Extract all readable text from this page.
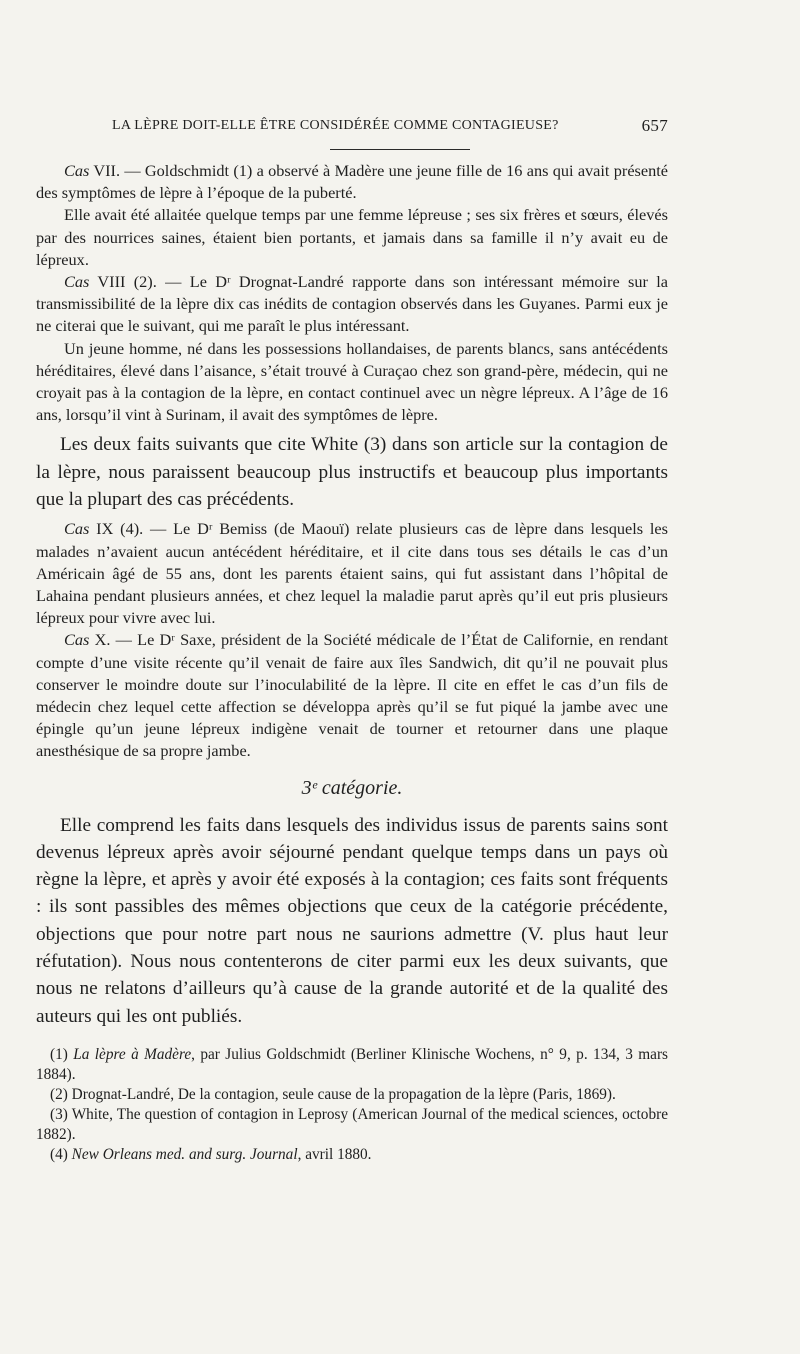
LA LÈPRE DOIT-ELLE ÊTRE CONSIDÉRÉE COMME CONTAGIEUSE?	657

Cas VII. — Goldschmidt (1) a observé à Madère une jeune fille de 16 ans qui avait présenté des symptômes de lèpre à l’époque de la puberté.

Elle avait été allaitée quelque temps par une femme lépreuse ; ses six frères et sœurs, élevés par des nourrices saines, étaient bien portants, et jamais dans sa famille il n’y avait eu de lépreux.

Cas VIII (2). — Le Dʳ Drognat-Landré rapporte dans son intéressant mémoire sur la transmissibilité de la lèpre dix cas inédits de contagion observés dans les Guyanes. Parmi eux je ne citerai que le suivant, qui me paraît le plus intéressant.

Un jeune homme, né dans les possessions hollandaises, de parents blancs, sans antécédents héréditaires, élevé dans l’aisance, s’était trouvé à Curaçao chez son grand-père, médecin, qui ne croyait pas à la contagion de la lèpre, en contact continuel avec un nègre lépreux. A l’âge de 16 ans, lorsqu’il vint à Surinam, il avait des symptômes de lèpre.

Les deux faits suivants que cite White (3) dans son article sur la contagion de la lèpre, nous paraissent beaucoup plus instructifs et beaucoup plus importants que la plupart des cas précédents.

Cas IX (4). — Le Dʳ Bemiss (de Maouï) relate plusieurs cas de lèpre dans lesquels les malades n’avaient aucun antécédent héréditaire, et il cite dans tous ses détails le cas d’un Américain âgé de 55 ans, dont les parents étaient sains, qui fut assistant dans l’hôpital de Lahaina pendant plusieurs années, et chez lequel la maladie parut après qu’il eut pris plusieurs lépreux pour vivre avec lui.

Cas X. — Le Dʳ Saxe, président de la Société médicale de l’État de Californie, en rendant compte d’une visite récente qu’il venait de faire aux îles Sandwich, dit qu’il ne pouvait plus conserver le moindre doute sur l’inoculabilité de la lèpre. Il cite en effet le cas d’un fils de médecin chez lequel cette affection se développa après qu’il se fut piqué la jambe avec une épingle qu’un jeune lépreux indigène venait de tourner et retourner dans une plaque anesthésique de sa propre jambe.

3ᵉ catégorie.

Elle comprend les faits dans lesquels des individus issus de parents sains sont devenus lépreux après avoir séjourné pendant quelque temps dans un pays où règne la lèpre, et après y avoir été exposés à la contagion; ces faits sont fréquents : ils sont passibles des mêmes objections que ceux de la catégorie précédente, objections que pour notre part nous ne saurions admettre (V. plus haut leur réfutation). Nous nous contenterons de citer parmi eux les deux suivants, que nous ne relatons d’ailleurs qu’à cause de la grande autorité et de la qualité des auteurs qui les ont publiés.

(1) La lèpre à Madère, par Julius Goldschmidt (Berliner Klinische Wochens, n° 9, p. 134, 3 mars 1884).

(2) Drognat-Landré, De la contagion, seule cause de la propagation de la lèpre (Paris, 1869).

(3) White, The question of contagion in Leprosy (American Journal of the medical sciences, octobre 1882).

(4) New Orleans med. and surg. Journal, avril 1880.
